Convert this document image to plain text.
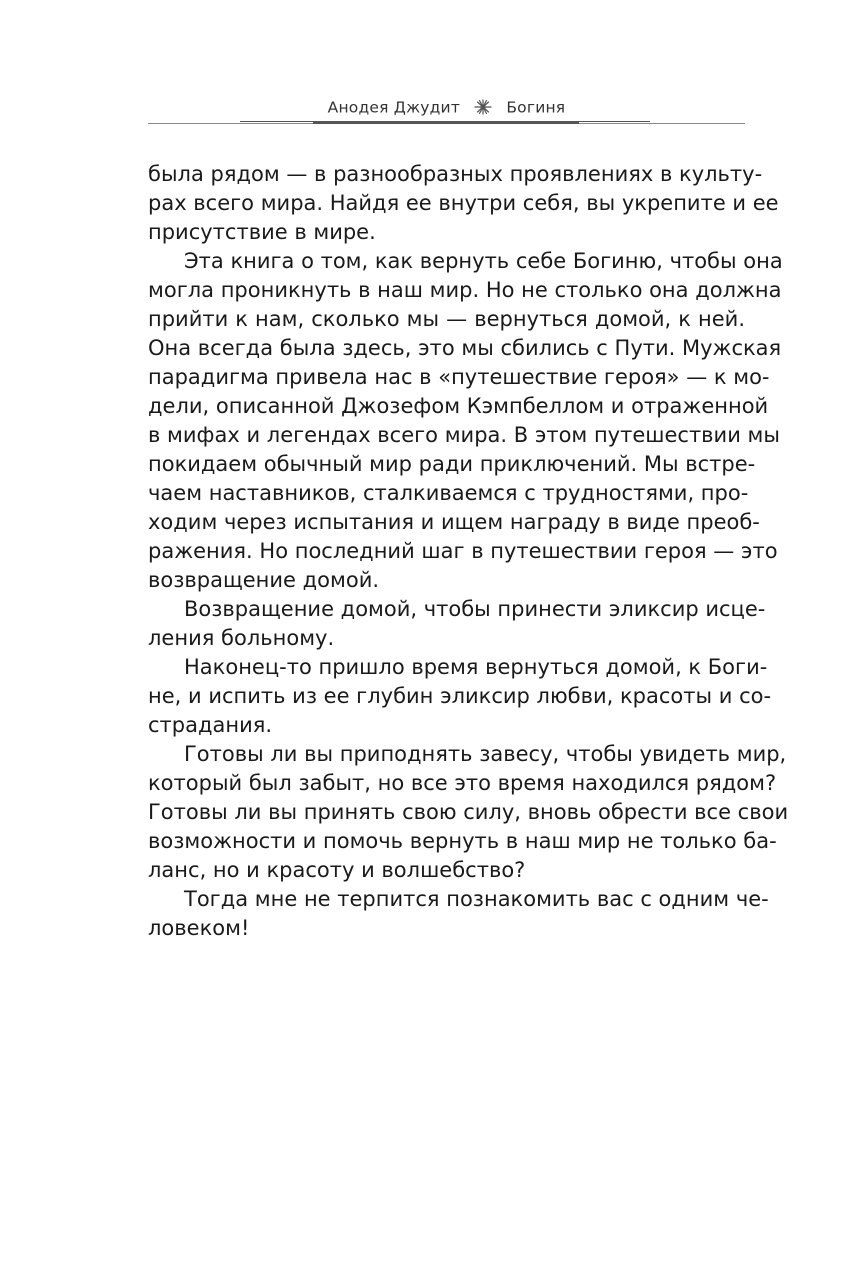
Анодея Джудит	Богиня
была рядом — в разнообразных проявлениях в культу-
рах всего мира. Найдя ее внутри себя, вы укрепите и ее
присутствие в мире.
Эта книга о том, как вернуть себе Богиню, чтобы она
могла проникнуть в наш мир. Но не столько она должна
прийти к нам, сколько мы — вернуться домой, к ней.
Она всегда была здесь, это мы сбились с Пути. Мужская
парадигма привела нас в «путешествие героя» — к мо-
дели, описанной Джозефом Кэмпбеллом и отраженной
в мифах и легендах всего мира. В этом путешествии мы
покидаем обычный мир ради приключений. Мы встре-
чаем наставников, сталкиваемся с трудностями, про-
ходим через испытания и ищем награду в виде преоб-
ражения. Но последний шаг в путешествии героя — это
возвращение домой.
Возвращение домой, чтобы принести эликсир исце-
ления больному.
Наконец-то пришло время вернуться домой, к Боги-
не, и испить из ее глубин эликсир любви, красоты и со-
страдания.
Готовы ли вы приподнять завесу, чтобы увидеть мир,
который был забыт, но все это время находился рядом?
Готовы ли вы принять свою силу, вновь обрести все свои
возможности и помочь вернуть в наш мир не только ба-
ланс, но и красоту и волшебство?
Тогда мне не терпится познакомить вас с одним че-
ловеком!
